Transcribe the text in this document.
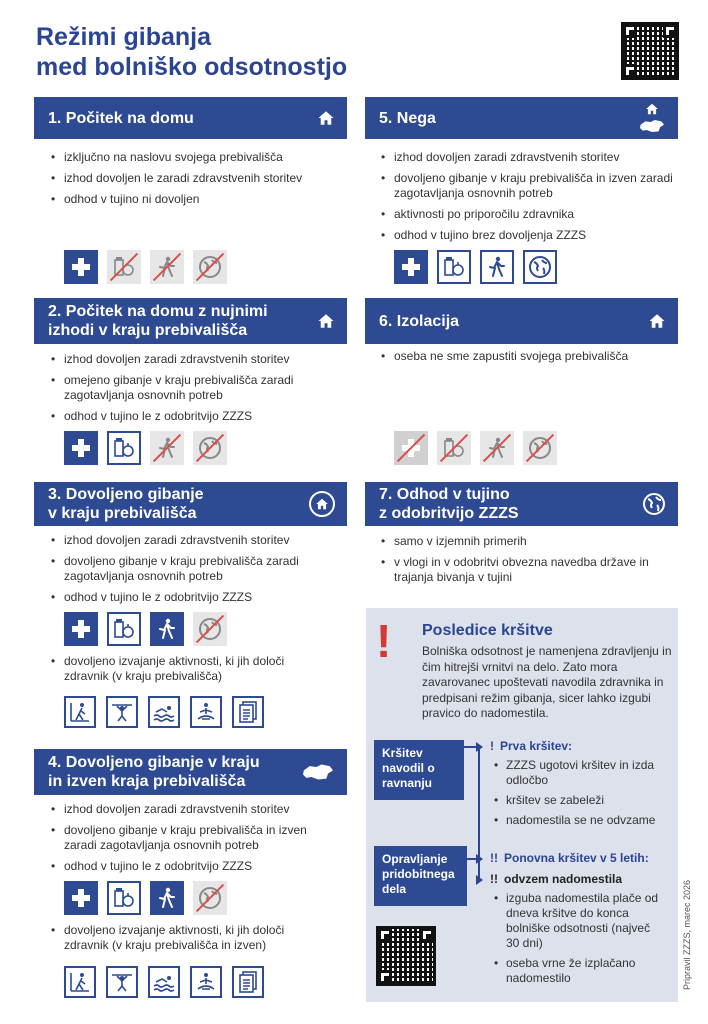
Režimi gibanja
med bolniško odsotnostjo
1. Počitek na domu
• izključno na naslovu svojega prebivališča
• izhod dovoljen le zaradi zdravstvenih storitev
• odhod v tujino ni dovoljen
2. Počitek na domu z nujnimi
izhodi v kraju prebivališča
• izhod dovoljen zaradi zdravstvenih storitev
• omejeno gibanje v kraju prebivališča zaradi zagotavljanja osnovnih potreb
• odhod v tujino le z odobritvijo ZZZS
3. Dovoljeno gibanje
v kraju prebivališča
• izhod dovoljen zaradi zdravstvenih storitev
• dovoljeno gibanje v kraju prebivališča zaradi zagotavljanja osnovnih potreb
• odhod v tujino le z odobritvijo ZZZS
• dovoljeno izvajanje aktivnosti, ki jih določi zdravnik (v kraju prebivališča)
4. Dovoljeno gibanje v kraju
in izven kraja prebivališča
• izhod dovoljen zaradi zdravstvenih storitev
• dovoljeno gibanje v kraju prebivališča in izven zaradi zagotavljanja osnovnih potreb
• odhod v tujino le z odobritvijo ZZZS
• dovoljeno izvajanje aktivnosti, ki jih določi zdravnik (v kraju prebivališča in izven)
5. Nega
• izhod dovoljen zaradi zdravstvenih storitev
• dovoljeno gibanje v kraju prebivališča in izven zaradi zagotavljanja osnovnih potreb
• aktivnosti po priporočilu zdravnika
• odhod v tujino brez dovoljenja ZZZS
6. Izolacija
• oseba ne sme zapustiti svojega prebivališča
7. Odhod v tujino
z odobritvijo ZZZS
• samo v izjemnih primerih
• v vlogi in v odobritvi obvezna navedba države in trajanja bivanja v tujini
! Posledice kršitve
Bolniška odsotnost je namenjena zdravljenju in čim hitrejši vrnitvi na delo. Zato mora zavarovanec upoštevati navodila zdravnika in predpisani režim gibanja, sicer lahko izgubi pravico do nadomestila.
Kršitev navodil o ravnanju
Opravljanje pridobitnega dela
! Prva kršitev:
• ZZZS ugotovi kršitev in izda odločbo
• kršitev se zabeleži
• nadomestila se ne odvzame
!! Ponovna kršitev v 5 letih:
!! odvzem nadomestila
• izguba nadomestila plače od dneva kršitve do konca bolniške odsotnosti (največ 30 dni)
• oseba vrne že izplačano nadomestilo	Pripravil ZZZS, marec 2026
